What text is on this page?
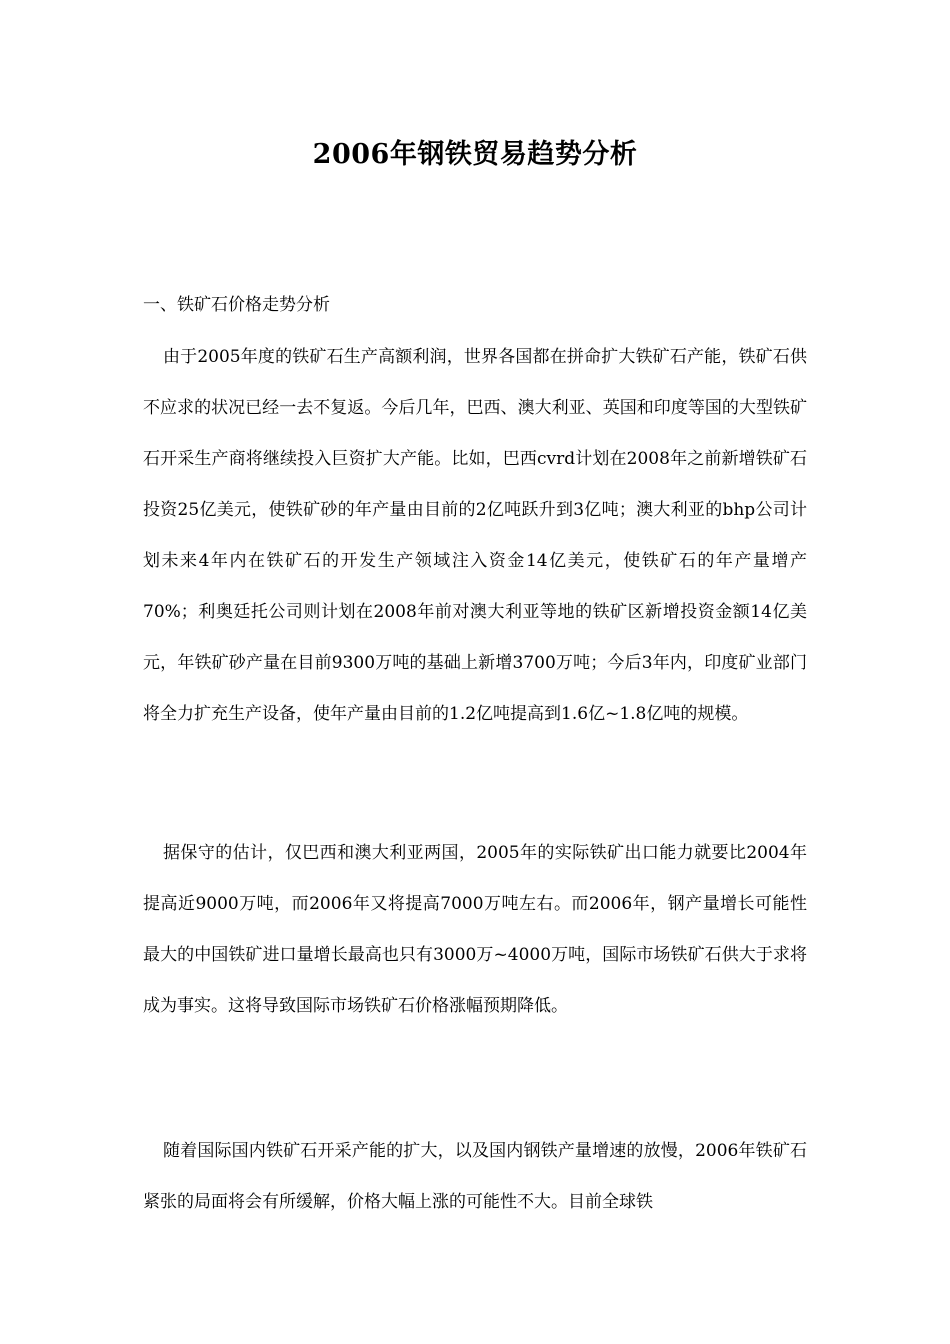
2006年钢铁贸易趋势分析
一、铁矿石价格走势分析
由于2005年度的铁矿石生产高额利润，世界各国都在拼命扩大铁矿石产能，铁矿石供不应求的状况已经一去不复返。今后几年，巴西、澳大利亚、英国和印度等国的大型铁矿石开采生产商将继续投入巨资扩大产能。比如，巴西cvrd计划在2008年之前新增铁矿石投资25亿美元，使铁矿砂的年产量由目前的2亿吨跃升到3亿吨；澳大利亚的bhp公司计划未来4年内在铁矿石的开发生产领域注入资金14亿美元，使铁矿石的年产量增产70%；利奥廷托公司则计划在2008年前对澳大利亚等地的铁矿区新增投资金额14亿美元，年铁矿砂产量在目前9300万吨的基础上新增3700万吨；今后3年内，印度矿业部门将全力扩充生产设备，使年产量由目前的1.2亿吨提高到1.6亿~1.8亿吨的规模。
据保守的估计，仅巴西和澳大利亚两国，2005年的实际铁矿出口能力就要比2004年提高近9000万吨，而2006年又将提高7000万吨左右。而2006年，钢产量增长可能性最大的中国铁矿进口量增长最高也只有3000万~4000万吨，国际市场铁矿石供大于求将成为事实。这将导致国际市场铁矿石价格涨幅预期降低。
随着国际国内铁矿石开采产能的扩大，以及国内钢铁产量增速的放慢，2006年铁矿石紧张的局面将会有所缓解，价格大幅上涨的可能性不大。目前全球铁
